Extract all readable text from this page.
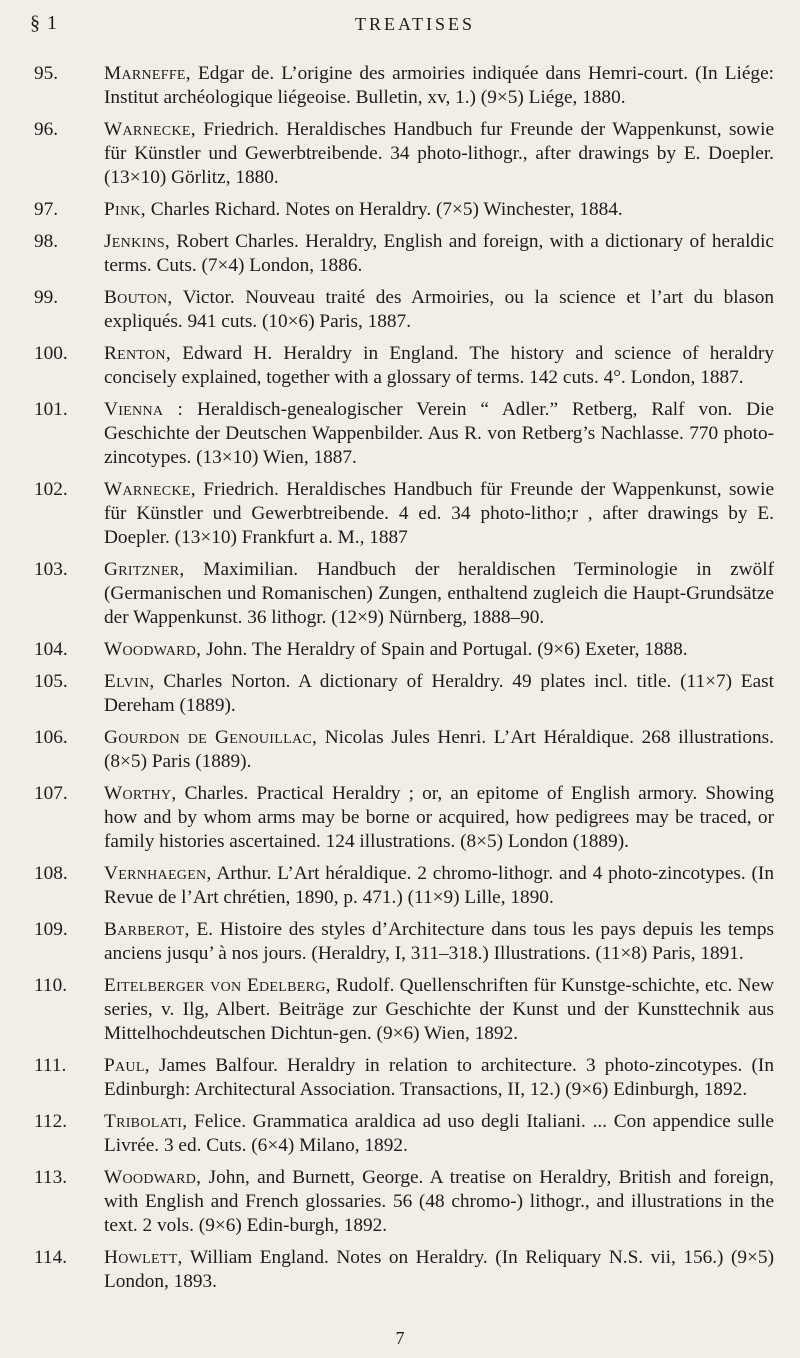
§ 1	TREATISES

95.	Marneffe, Edgar de. L’origine des armoiries indiquée dans Hemri-court. (In Liége: Institut archéologique liégeoise. Bulletin, xv, 1.) (9×5) Liége, 1880.

96.	Warnecke, Friedrich. Heraldisches Handbuch fur Freunde der Wappenkunst, sowie für Künstler und Gewerbtreibende. 34 photo-lithogr., after drawings by E. Doepler. (13×10) Görlitz, 1880.

97.	Pink, Charles Richard. Notes on Heraldry. (7×5) Winchester, 1884.

98.	Jenkins, Robert Charles. Heraldry, English and foreign, with a dictionary of heraldic terms. Cuts. (7×4) London, 1886.

99.	Bouton, Victor. Nouveau traité des Armoiries, ou la science et l’art du blason expliqués. 941 cuts. (10×6) Paris, 1887.

100.	Renton, Edward H. Heraldry in England. The history and science of heraldry concisely explained, together with a glossary of terms. 142 cuts. 4°. London, 1887.

101.	Vienna : Heraldisch-genealogischer Verein “ Adler.” Retberg, Ralf von. Die Geschichte der Deutschen Wappenbilder. Aus R. von Retberg’s Nachlasse. 770 photo-zincotypes. (13×10) Wien, 1887.

102.	Warnecke, Friedrich. Heraldisches Handbuch für Freunde der Wappenkunst, sowie für Künstler und Gewerbtreibende. 4 ed. 34 photo-litho;r , after drawings by E. Doepler. (13×10) Frankfurt a. M., 1887

103.	Gritzner, Maximilian. Handbuch der heraldischen Terminologie in zwölf (Germanischen und Romanischen) Zungen, enthaltend zugleich die Haupt-Grundsätze der Wappenkunst. 36 lithogr. (12×9) Nürnberg, 1888–90.

104.	Woodward, John. The Heraldry of Spain and Portugal. (9×6) Exeter, 1888.

105.	Elvin, Charles Norton. A dictionary of Heraldry. 49 plates incl. title. (11×7) East Dereham (1889).

106.	Gourdon de Genouillac, Nicolas Jules Henri. L’Art Héraldique. 268 illustrations. (8×5) Paris (1889).

107.	Worthy, Charles. Practical Heraldry ; or, an epitome of English armory. Showing how and by whom arms may be borne or acquired, how pedigrees may be traced, or family histories ascertained. 124 illustrations. (8×5) London (1889).

108.	Vernhaegen, Arthur. L’Art héraldique. 2 chromo-lithogr. and 4 photo-zincotypes. (In Revue de l’Art chrétien, 1890, p. 471.) (11×9) Lille, 1890.

109.	Barberot, E. Histoire des styles d’Architecture dans tous les pays depuis les temps anciens jusqu’ à nos jours. (Heraldry, I, 311–318.) Illustrations. (11×8) Paris, 1891.

110.	Eitelberger von Edelberg, Rudolf. Quellenschriften für Kunstge-schichte, etc. New series, v. Ilg, Albert. Beiträge zur Geschichte der Kunst und der Kunsttechnik aus Mittelhochdeutschen Dichtun-gen. (9×6) Wien, 1892.

111.	Paul, James Balfour. Heraldry in relation to architecture. 3 photo-zincotypes. (In Edinburgh: Architectural Association. Transactions, II, 12.) (9×6) Edinburgh, 1892.

112.	Tribolati, Felice. Grammatica araldica ad uso degli Italiani. ... Con appendice sulle Livrée. 3 ed. Cuts. (6×4) Milano, 1892.

113.	Woodward, John, and Burnett, George. A treatise on Heraldry, British and foreign, with English and French glossaries. 56 (48 chromo-) lithogr., and illustrations in the text. 2 vols. (9×6) Edin-burgh, 1892.

114.	Howlett, William England. Notes on Heraldry. (In Reliquary N.S. vii, 156.) (9×5) London, 1893.

7
